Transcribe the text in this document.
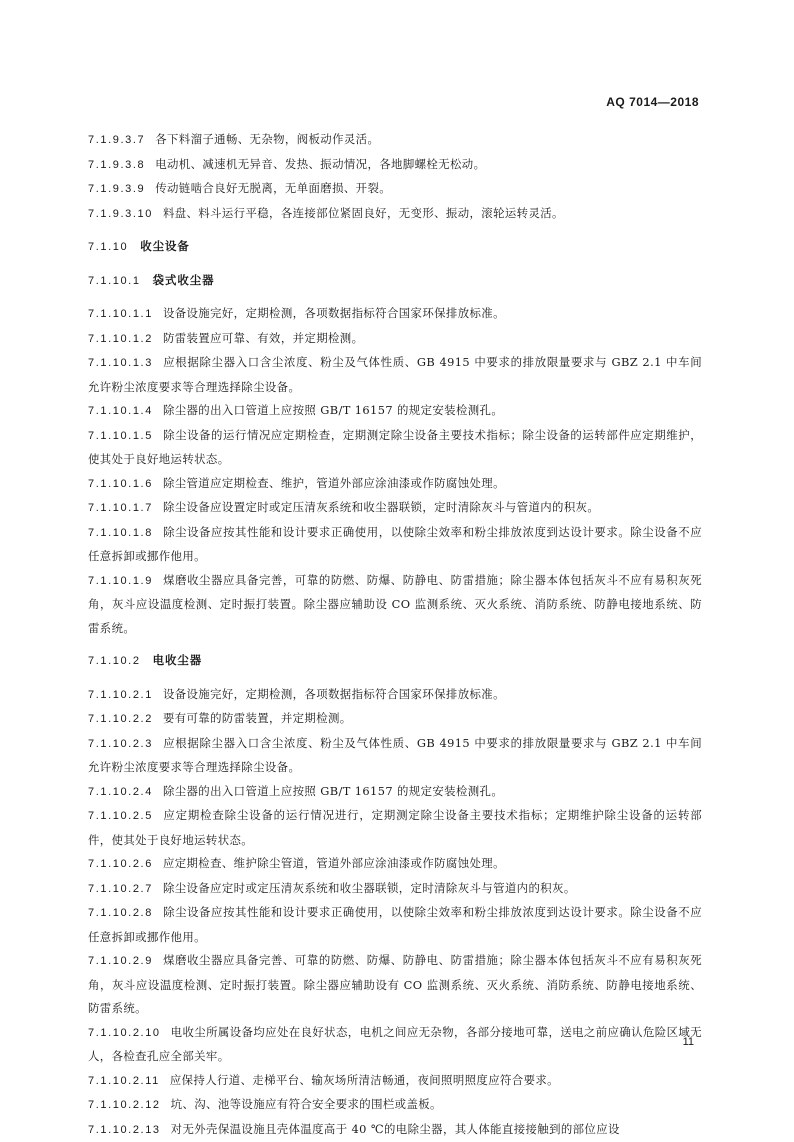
AQ 7014—2018
7.1.9.3.7 各下料溜子通畅、无杂物，阀板动作灵活。
7.1.9.3.8 电动机、减速机无异音、发热、振动情况，各地脚螺栓无松动。
7.1.9.3.9 传动链啮合良好无脱离，无单面磨损、开裂。
7.1.9.3.10 料盘、料斗运行平稳，各连接部位紧固良好，无变形、振动，滚轮运转灵活。
7.1.10 收尘设备
7.1.10.1 袋式收尘器
7.1.10.1.1 设备设施完好，定期检测，各项数据指标符合国家环保排放标准。
7.1.10.1.2 防雷装置应可靠、有效，并定期检测。
7.1.10.1.3 应根据除尘器入口含尘浓度、粉尘及气体性质、GB 4915 中要求的排放限量要求与 GBZ 2.1 中车间允许粉尘浓度要求等合理选择除尘设备。
7.1.10.1.4 除尘器的出入口管道上应按照 GB/T 16157 的规定安装检测孔。
7.1.10.1.5 除尘设备的运行情况应定期检查，定期测定除尘设备主要技术指标；除尘设备的运转部件应定期维护，使其处于良好地运转状态。
7.1.10.1.6 除尘管道应定期检查、维护，管道外部应涂油漆或作防腐蚀处理。
7.1.10.1.7 除尘设备应设置定时或定压清灰系统和收尘器联锁，定时清除灰斗与管道内的积灰。
7.1.10.1.8 除尘设备应按其性能和设计要求正确使用，以使除尘效率和粉尘排放浓度到达设计要求。除尘设备不应任意拆卸或挪作他用。
7.1.10.1.9 煤磨收尘器应具备完善，可靠的防燃、防爆、防静电、防雷措施；除尘器本体包括灰斗不应有易积灰死角，灰斗应设温度检测、定时振打装置。除尘器应辅助设 CO 监测系统、灭火系统、消防系统、防静电接地系统、防雷系统。
7.1.10.2 电收尘器
7.1.10.2.1 设备设施完好，定期检测，各项数据指标符合国家环保排放标准。
7.1.10.2.2 要有可靠的防雷装置，并定期检测。
7.1.10.2.3 应根据除尘器入口含尘浓度、粉尘及气体性质、GB 4915 中要求的排放限量要求与 GBZ 2.1 中车间允许粉尘浓度要求等合理选择除尘设备。
7.1.10.2.4 除尘器的出入口管道上应按照 GB/T 16157 的规定安装检测孔。
7.1.10.2.5 应定期检查除尘设备的运行情况进行，定期测定除尘设备主要技术指标；定期维护除尘设备的运转部件，使其处于良好地运转状态。
7.1.10.2.6 应定期检查、维护除尘管道，管道外部应涂油漆或作防腐蚀处理。
7.1.10.2.7 除尘设备应定时或定压清灰系统和收尘器联锁，定时清除灰斗与管道内的积灰。
7.1.10.2.8 除尘设备应按其性能和设计要求正确使用，以使除尘效率和粉尘排放浓度到达设计要求。除尘设备不应任意拆卸或挪作他用。
7.1.10.2.9 煤磨收尘器应具备完善、可靠的防燃、防爆、防静电、防雷措施；除尘器本体包括灰斗不应有易积灰死角，灰斗应设温度检测、定时振打装置。除尘器应辅助设有 CO 监测系统、灭火系统、消防系统、防静电接地系统、防雷系统。
7.1.10.2.10 电收尘所属设备均应处在良好状态，电机之间应无杂物，各部分接地可靠，送电之前应确认危险区域无人，各检查孔应全部关牢。
7.1.10.2.11 应保持人行道、走梯平台、输灰场所清洁畅通，夜间照明照度应符合要求。
7.1.10.2.12 坑、沟、池等设施应有符合安全要求的围栏或盖板。
7.1.10.2.13 对无外壳保温设施且壳体温度高于 40 ℃的电除尘器，其人体能直接接触到的部位应设
11
